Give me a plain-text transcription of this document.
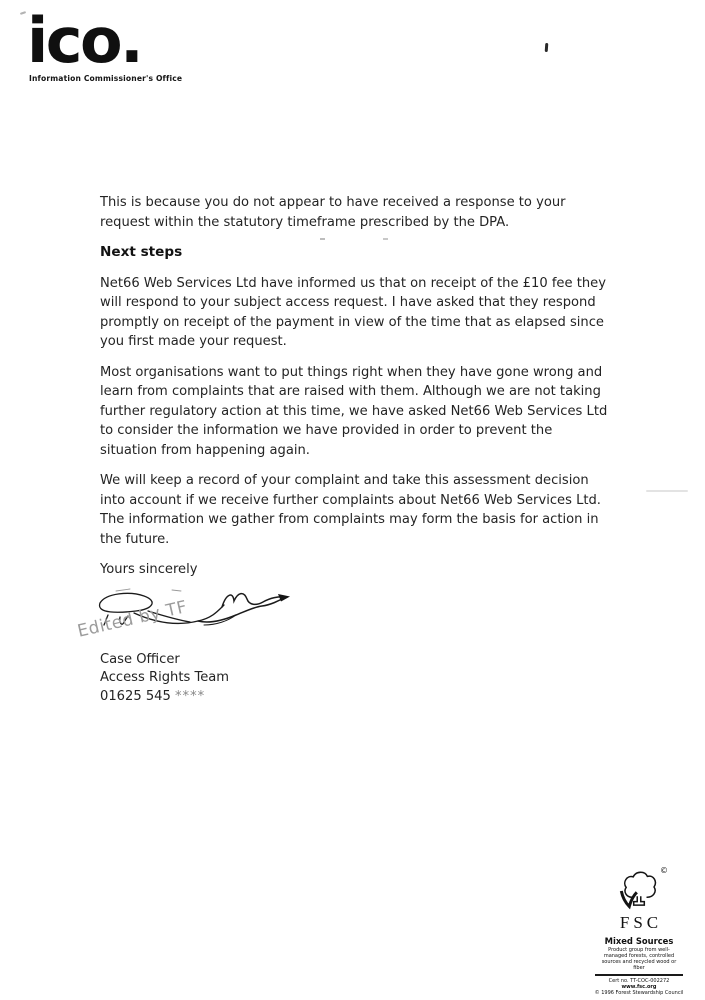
ico.
Information Commissioner's Office

This is because you do not appear to have received a response to your request within the statutory timeframe prescribed by the DPA.

Next steps

Net66 Web Services Ltd have informed us that on receipt of the £10 fee they will respond to your subject access request. I have asked that they respond promptly on receipt of the payment in view of the time that as elapsed since you first made your request.

Most organisations want to put things right when they have gone wrong and learn from complaints that are raised with them. Although we are not taking further regulatory action at this time, we have asked Net66 Web Services Ltd to consider the information we have provided in order to prevent the situation from happening again.

We will keep a record of your complaint and take this assessment decision into account if we receive further complaints about Net66 Web Services Ltd. The information we gather from complaints may form the basis for action in the future.

Yours sincerely

Edited by TF
Case Officer
Access Rights Team
01625 545 ****
©
FSC
Mixed Sources
Product group from well-managed forests, controlled sources and recycled wood or fiber
Cert no. TT-COC-002272
www.fsc.org
© 1996 Forest Stewardship Council
